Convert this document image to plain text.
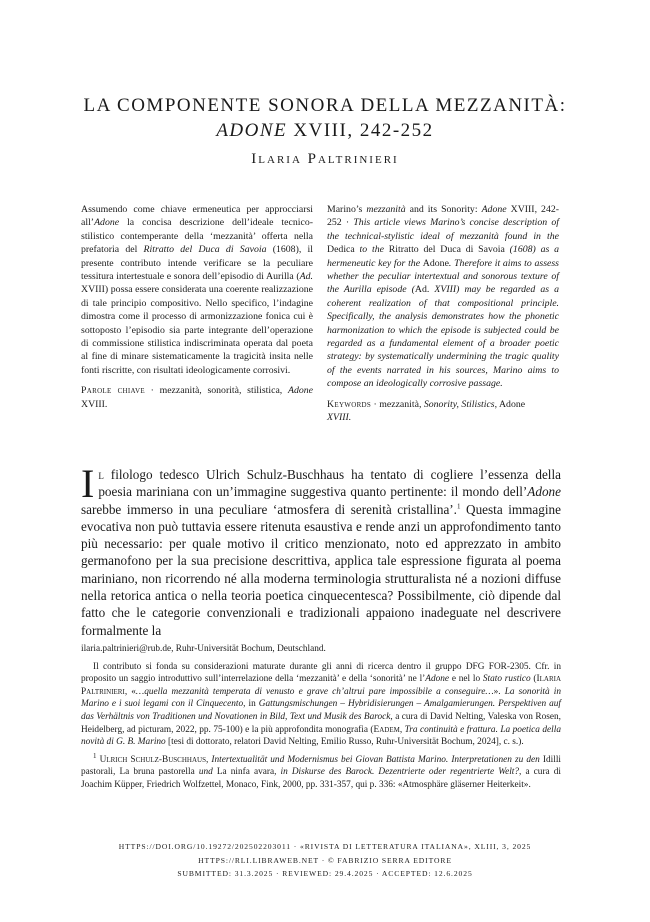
LA COMPONENTE SONORA DELLA MEZZANITÀ:
ADONE XVIII, 242-252
Ilaria Paltrinieri

Assumendo come chiave ermeneutica per approcciarsi all’Adone la concisa descrizione dell’ideale tecnico-stilistico contemperante della ‘mezzanità’ offerta nella prefatoria del Ritratto del Duca di Savoia (1608), il presente contributo intende verificare se la peculiare tessitura intertestuale e sonora dell’episodio di Aurilla (Ad. XVIII) possa essere considerata una coerente realizzazione di tale principio compositivo. Nello specifico, l’indagine dimostra come il processo di armonizzazione fonica cui è sottoposto l’episodio sia parte integrante dell’operazione di commissione stilistica indiscriminata operata dal poeta al fine di minare sistematicamente la tragicità insita nelle fonti riscritte, con risultati ideologicamente corrosivi.

Parole chiave · mezzanità, sonorità, stilistica, Adone XVIII.

Marino’s mezzanità and its Sonority: Adone XVIII, 242-252 · This article views Marino’s concise description of the technical-stylistic ideal of mezzanità found in the Dedica to the Ritratto del Duca di Savoia (1608) as a hermeneutic key for the Adone. Therefore it aims to assess whether the peculiar intertextual and sonorous texture of the Aurilla episode (Ad. XVIII) may be regarded as a coherent realization of that compositional principle. Specifically, the analysis demonstrates how the phonetic harmonization to which the episode is subjected could be regarded as a fundamental element of a broader poetic strategy: by systematically undermining the tragic quality of the events narrated in his sources, Marino aims to compose an ideologically corrosive passage.

Keywords · mezzanità, Sonority, Stilistics, Adone
XVIII.

Il filologo tedesco Ulrich Schulz-Buschhaus ha tentato di cogliere l’essenza della poesia mariniana con un’immagine suggestiva quanto pertinente: il mondo dell’Adone sarebbe immerso in una peculiare ‘atmosfera di serenità cristallina’.$^1$ Questa immagine evocativa non può tuttavia essere ritenuta esaustiva e rende anzi un approfondimento tanto più necessario: per quale motivo il critico menzionato, noto ed apprezzato in ambito germanofono per la sua precisione descrittiva, applica tale espressione figurata al poema mariniano, non ricorrendo né alla moderna terminologia strutturalista né a nozioni diffuse nella retorica antica o nella teoria poetica cinquecentesca? Possibilmente, ciò dipende dal fatto che le categorie convenzionali e tradizionali appaiono inadeguate nel descrivere formalmente la

ilaria.paltrinieri@rub.de, Ruhr-Universität Bochum, Deutschland.

Il contributo si fonda su considerazioni maturate durante gli anni di ricerca dentro il gruppo DFG FOR-2305. Cfr. in proposito un saggio introduttivo sull’interrelazione della ‘mezzanità’ e della ‘sonorità’ ne l’Adone e nel lo Stato rustico (Ilaria Paltrinieri, «…quella mezzanità temperata di venusto e grave ch’altrui pare impossibile a conseguire…». La sonorità in Marino e i suoi legami con il Cinquecento, in Gattungsmischungen – Hybridisierungen – Amalgamierungen. Perspektiven auf das Verhältnis von Traditionen und Novationen in Bild, Text und Musik des Barock, a cura di David Nelting, Valeska von Rosen, Heidelberg, ad picturam, 2022, pp. 75-100) e la più approfondita monografia (Eadem, Tra continuità e frattura. La poetica della novità di G. B. Marino [tesi di dottorato, relatori David Nelting, Emilio Russo, Ruhr-Universität Bochum, 2024], c. s.).

$^1$ Ulrich Schulz-Buschhaus, Intertextualität und Modernismus bei Giovan Battista Marino. Interpretationen zu den Idilli pastorali, La bruna pastorella und La ninfa avara, in Diskurse des Barock. Dezentrierte oder regentrierte Welt?, a cura di Joachim Küpper, Friedrich Wolfzettel, Monaco, Fink, 2000, pp. 331-357, qui p. 336: «Atmosphäre gläserner Heiterkeit».

HTTPS://DOI.ORG/10.19272/202502203011 · «RIVISTA DI LETTERATURA ITALIANA», XLIII, 3, 2025
HTTPS://RLI.LIBRAWEB.NET · © FABRIZIO SERRA EDITORE
SUBMITTED: 31.3.2025 · REVIEWED: 29.4.2025 · ACCEPTED: 12.6.2025
